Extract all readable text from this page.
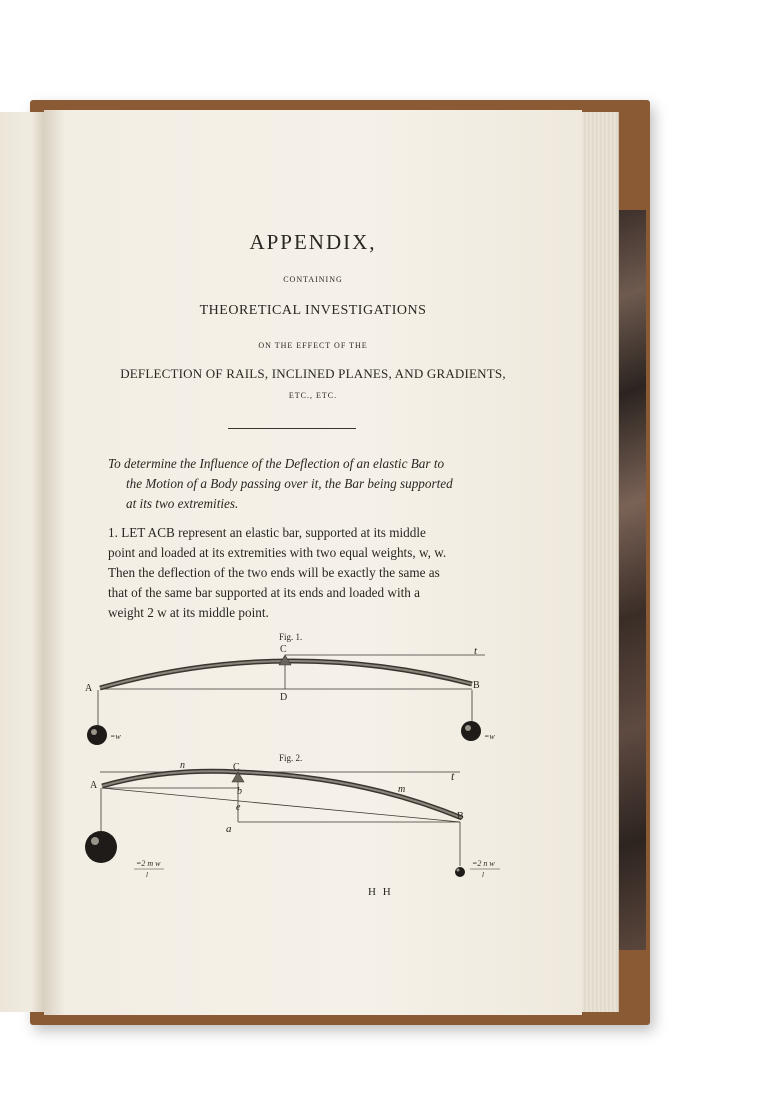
APPENDIX,
CONTAINING
THEORETICAL INVESTIGATIONS
ON THE EFFECT OF THE
DEFLECTION OF RAILS, INCLINED PLANES, AND GRADIENTS,
ETC., ETC.
To determine the Influence of the Deflection of an elastic Bar to
the Motion of a Body passing over it, the Bar being supported
at its two extremities.
1. LET ACB represent an elastic bar, supported at its middle
point and loaded at its extremities with two equal weights, w, w.
Then the deflection of the two ends will be exactly the same as
that of the same bar supported at its ends and loaded with a
weight 2 w at its middle point.
Fig. 1.
A	B
C
D
t
=w	=w
Fig. 2.
A
B
C
a
b
e
n
m
t
=2 m w
l
=2 n w
l
H H
